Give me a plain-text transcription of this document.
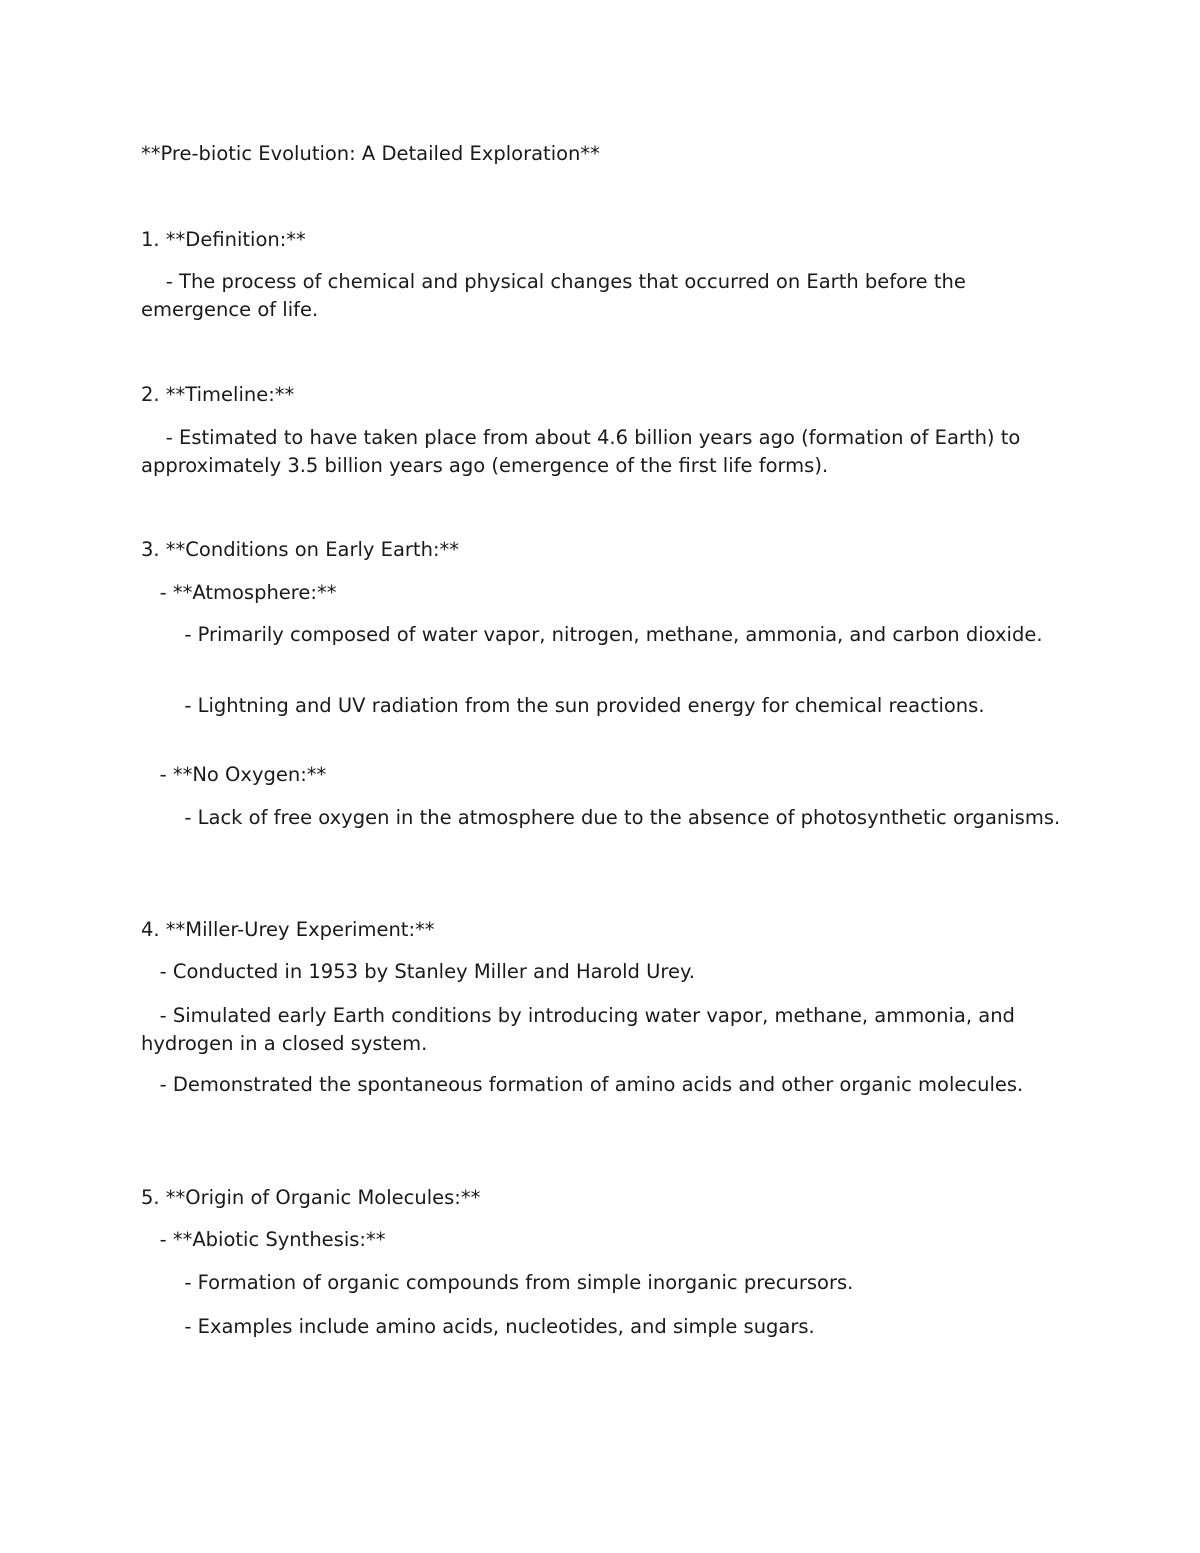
**Pre-biotic Evolution: A Detailed Exploration**

1. **Definition:**

- The process of chemical and physical changes that occurred on Earth before the emergence of life.

2. **Timeline:**

- Estimated to have taken place from about 4.6 billion years ago (formation of Earth) to approximately 3.5 billion years ago (emergence of the first life forms).

3. **Conditions on Early Earth:**

- **Atmosphere:**

- Primarily composed of water vapor, nitrogen, methane, ammonia, and carbon dioxide.

- Lightning and UV radiation from the sun provided energy for chemical reactions.

- **No Oxygen:**

- Lack of free oxygen in the atmosphere due to the absence of photosynthetic organisms.

4. **Miller-Urey Experiment:**

- Conducted in 1953 by Stanley Miller and Harold Urey.

- Simulated early Earth conditions by introducing water vapor, methane, ammonia, and hydrogen in a closed system.

- Demonstrated the spontaneous formation of amino acids and other organic molecules.

5. **Origin of Organic Molecules:**

- **Abiotic Synthesis:**

- Formation of organic compounds from simple inorganic precursors.

- Examples include amino acids, nucleotides, and simple sugars.
